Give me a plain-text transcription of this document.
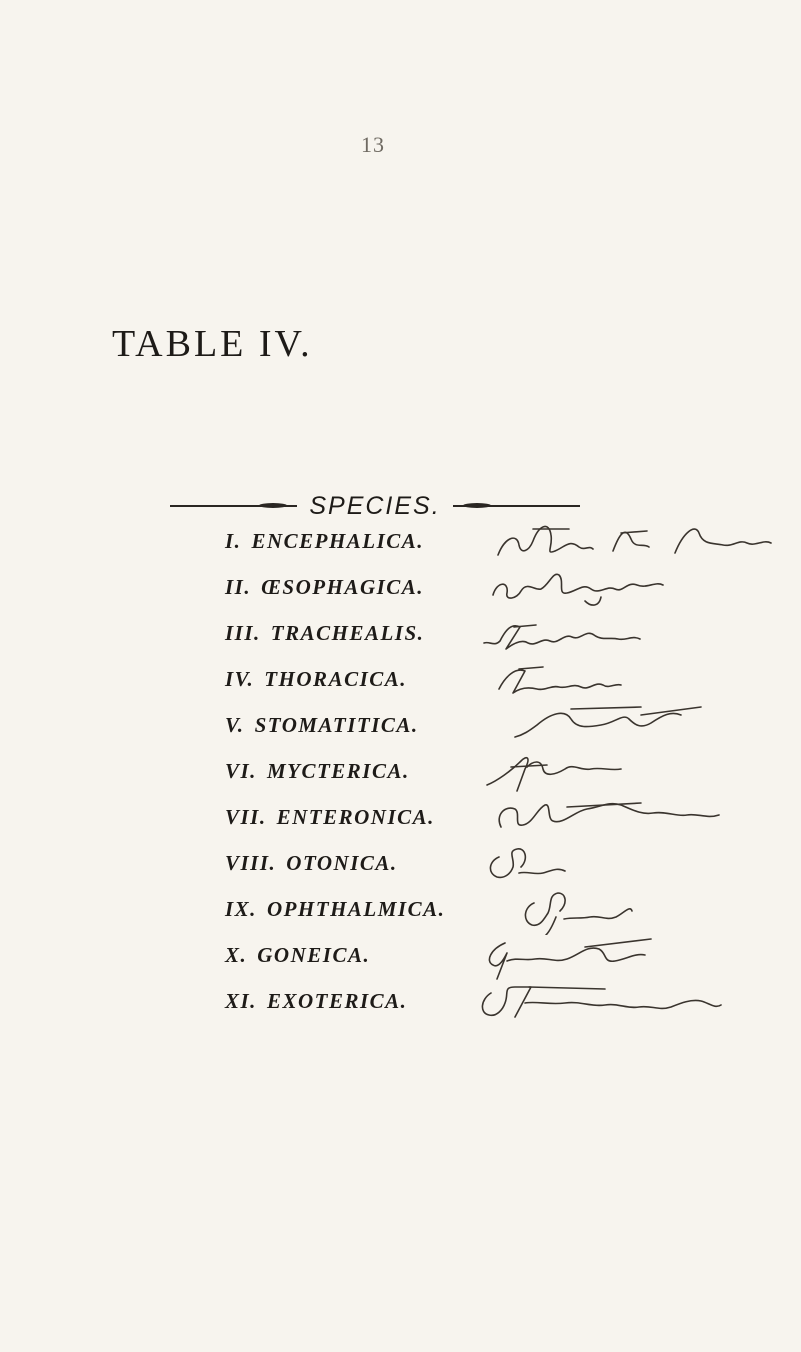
13
TABLE IV.
SPECIES.
I. ENCEPHALICA.
II. ŒSOPHAGICA.
III. TRACHEALIS.
IV. THORACICA.
V. STOMATITICA.
VI. MYCTERICA.
VII. ENTERONICA.
VIII. OTONICA.
IX. OPHTHALMICA.
X. GONEICA.
XI. EXOTERICA.
